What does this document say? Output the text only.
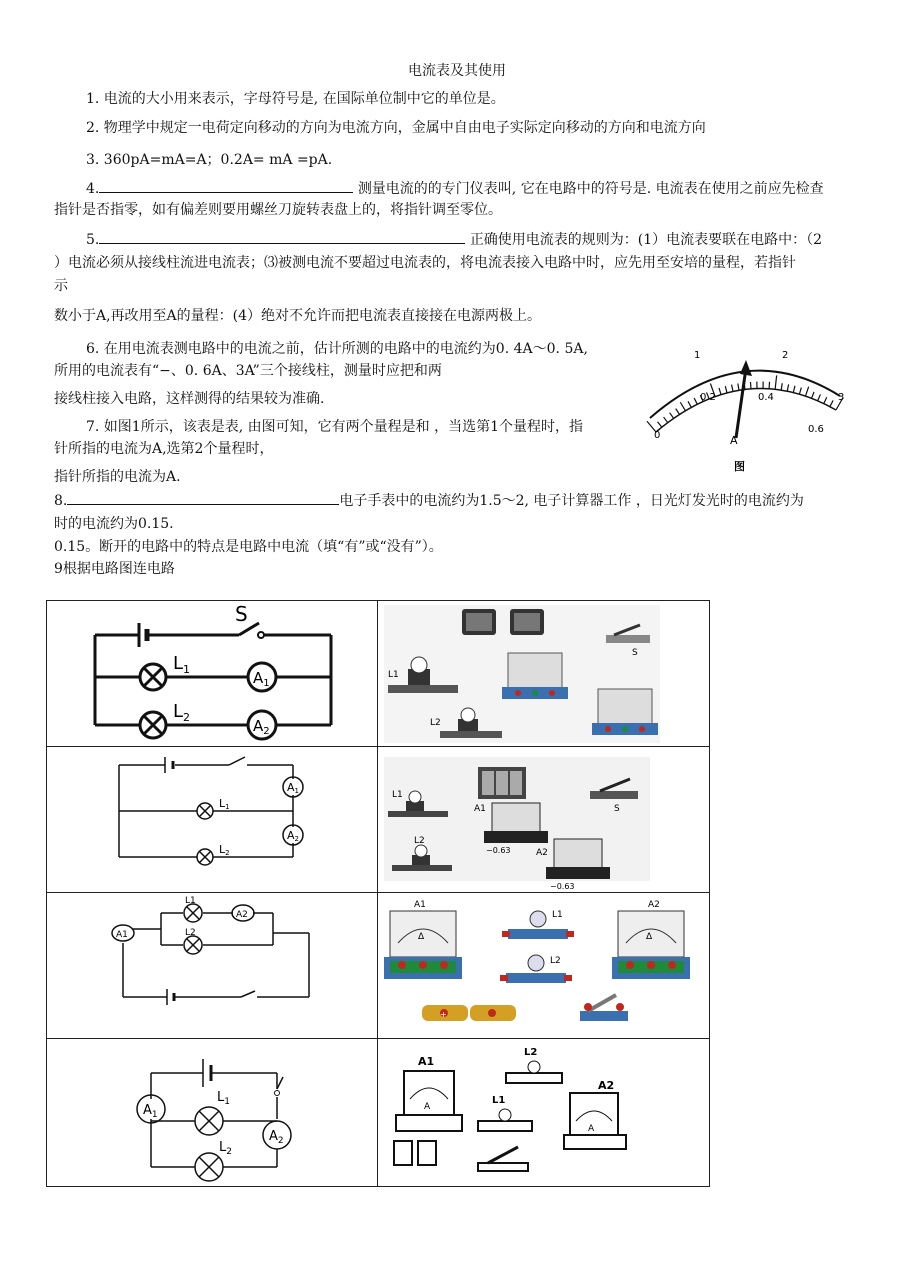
电流表及其使用
1. 电流的大小用来表示，字母符号是, 在国际单位制中它的单位是。
2. 物理学中规定一电荷定向移动的方向为电流方向，金属中自由电子实际定向移动的方向和电流方向
3. 360pA=mA=A；0.2A= mA =pA.
4.	测量电流的的专门仪表叫, 它在电路中的符号是. 电流表在使用之前应先检查
指针是否指零，如有偏差则要用螺丝刀旋转表盘上的，将指针调至零位。
5.	正确使用电流表的规则为：(1）电流表要联在电路中：（2
）电流必须从接线柱流进电流表；⑶被测电流不要超过电流表的，将电流表接入电路中时，应先用至安培的量程，若指针
示
数小于A,再改用至A的量程：(4）绝对不允许而把电流表直接接在电源两极上。
6. 在用电流表测电路中的电流之前，估计所测的电路中的电流约为0. 4A〜0. 5A,
所用的电流表有“−、0. 6A、3A”三个接线柱，测量时应把和两
接线柱接入电路，这样测得的结果较为准确.
7. 如图1所示，该表是表, 由图可知，它有两个量程是和 ，当选第1个量程时，指
针所指的电流为A,选第2个量程时，
指针所指的电流为A.
8.	电子手表中的电流约为1.5〜2, 电子计算器工作 ，日光灯发光时的电流约为
时的电流约为0.15.
0.15。断开的电路中的特点是电路中电流（填“有”或“没有”）。
9根据电路图连电路
1	2
3
0
0.2	0.4
0.6
A
图
S
$L_1$
$L_2$
$A_1$
$A_2$
S
L1
L2
L1
L2
A1
A2
S
L1
L2
A1
−0.63	A2
−0.63
L1
L2
A2
A1
A1
Δ
A2
Δ
L1
L2
+
$L_1$
$L_2$
$A_1$
$A_2$
A1
A
L2
L1
A2
A
